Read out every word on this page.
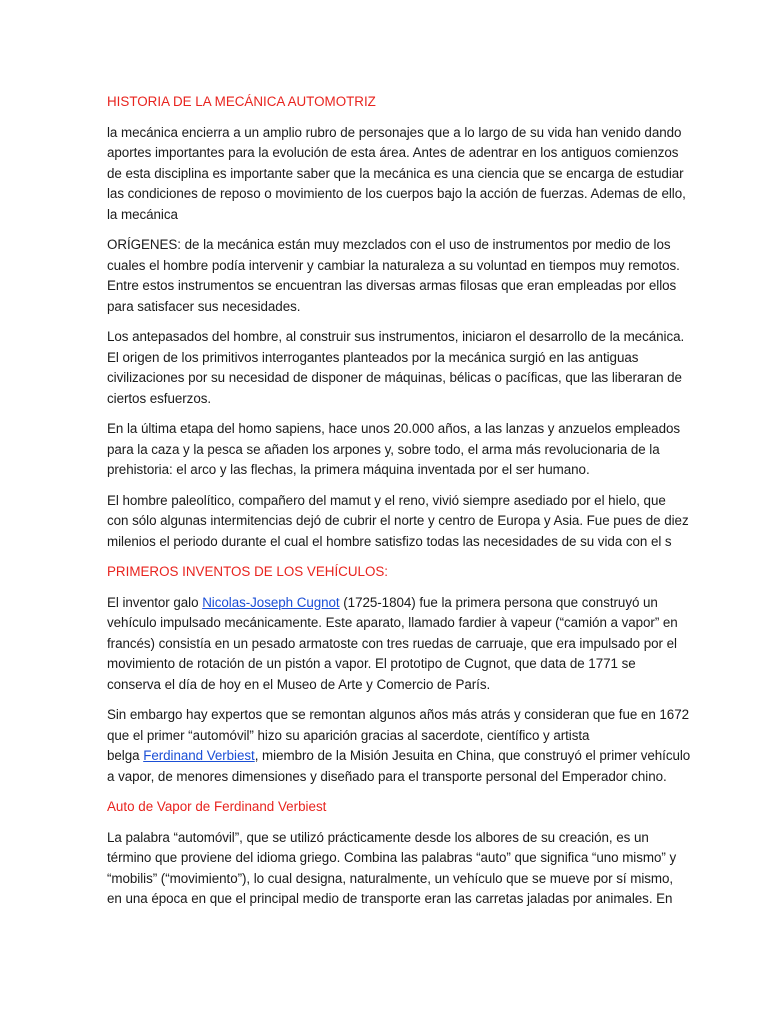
HISTORIA DE LA MECÁNICA AUTOMOTRIZ
la mecánica encierra a un amplio rubro de personajes que a lo largo de su vida han venido dando
aportes importantes para la evolución de esta área. Antes de adentrar en los antiguos comienzos
de esta disciplina es importante saber que la mecánica es una ciencia que se encarga de estudiar
las condiciones de reposo o movimiento de los cuerpos bajo la acción de fuerzas. Ademas de ello,
la mecánica
ORÍGENES: de la mecánica están muy mezclados con el uso de instrumentos por medio de los
cuales el hombre podía intervenir y cambiar la naturaleza a su voluntad en tiempos muy remotos.
Entre estos instrumentos se encuentran las diversas armas filosas que eran empleadas por ellos
para satisfacer sus necesidades.
Los antepasados del hombre, al construir sus instrumentos, iniciaron el desarrollo de la mecánica.
El origen de los primitivos interrogantes planteados por la mecánica surgió en las antiguas
civilizaciones por su necesidad de disponer de máquinas, bélicas o pacíficas, que las liberaran de
ciertos esfuerzos.
En la última etapa del homo sapiens, hace unos 20.000 años, a las lanzas y anzuelos empleados
para la caza y la pesca se añaden los arpones y, sobre todo, el arma más revolucionaria de la
prehistoria: el arco y las flechas, la primera máquina inventada por el ser humano.
El hombre paleolítico, compañero del mamut y el reno, vivió siempre asediado por el hielo, que
con sólo algunas intermitencias dejó de cubrir el norte y centro de Europa y Asia. Fue pues de diez
milenios el periodo durante el cual el hombre satisfizo todas las necesidades de su vida con el s
PRIMEROS INVENTOS DE LOS VEHÍCULOS:
El inventor galo Nicolas-Joseph Cugnot (1725-1804) fue la primera persona que construyó un
vehículo impulsado mecánicamente. Este aparato, llamado fardier à vapeur (“camión a vapor” en
francés) consistía en un pesado armatoste con tres ruedas de carruaje, que era impulsado por el
movimiento de rotación de un pistón a vapor. El prototipo de Cugnot, que data de 1771 se
conserva el día de hoy en el Museo de Arte y Comercio de París.
Sin embargo hay expertos que se remontan algunos años más atrás y consideran que fue en 1672
que el primer “automóvil” hizo su aparición gracias al sacerdote, científico y artista
belga Ferdinand Verbiest, miembro de la Misión Jesuita en China, que construyó el primer vehículo
a vapor, de menores dimensiones y diseñado para el transporte personal del Emperador chino.
Auto de Vapor de Ferdinand Verbiest
La palabra “automóvil”, que se utilizó prácticamente desde los albores de su creación, es un
término que proviene del idioma griego. Combina las palabras “auto” que significa “uno mismo” y
“mobilis” (“movimiento”), lo cual designa, naturalmente, un vehículo que se mueve por sí mismo,
en una época en que el principal medio de transporte eran las carretas jaladas por animales. En
